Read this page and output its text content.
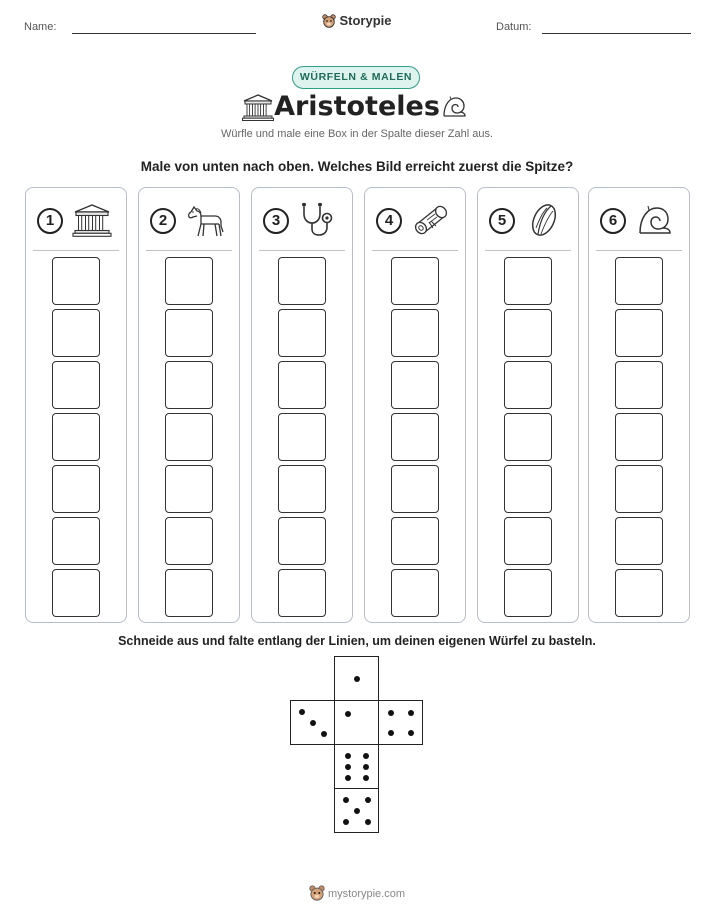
Name:	Storypie	Datum:
WÜRFELN & MALEN
Aristoteles
Würfle und male eine Box in der Spalte dieser Zahl aus.
Male von unten nach oben. Welches Bild erreicht zuerst die Spitze?
1	2	3	4	5	6
Schneide aus und falte entlang der Linien, um deinen eigenen Würfel zu basteln.
mystorypie.com
